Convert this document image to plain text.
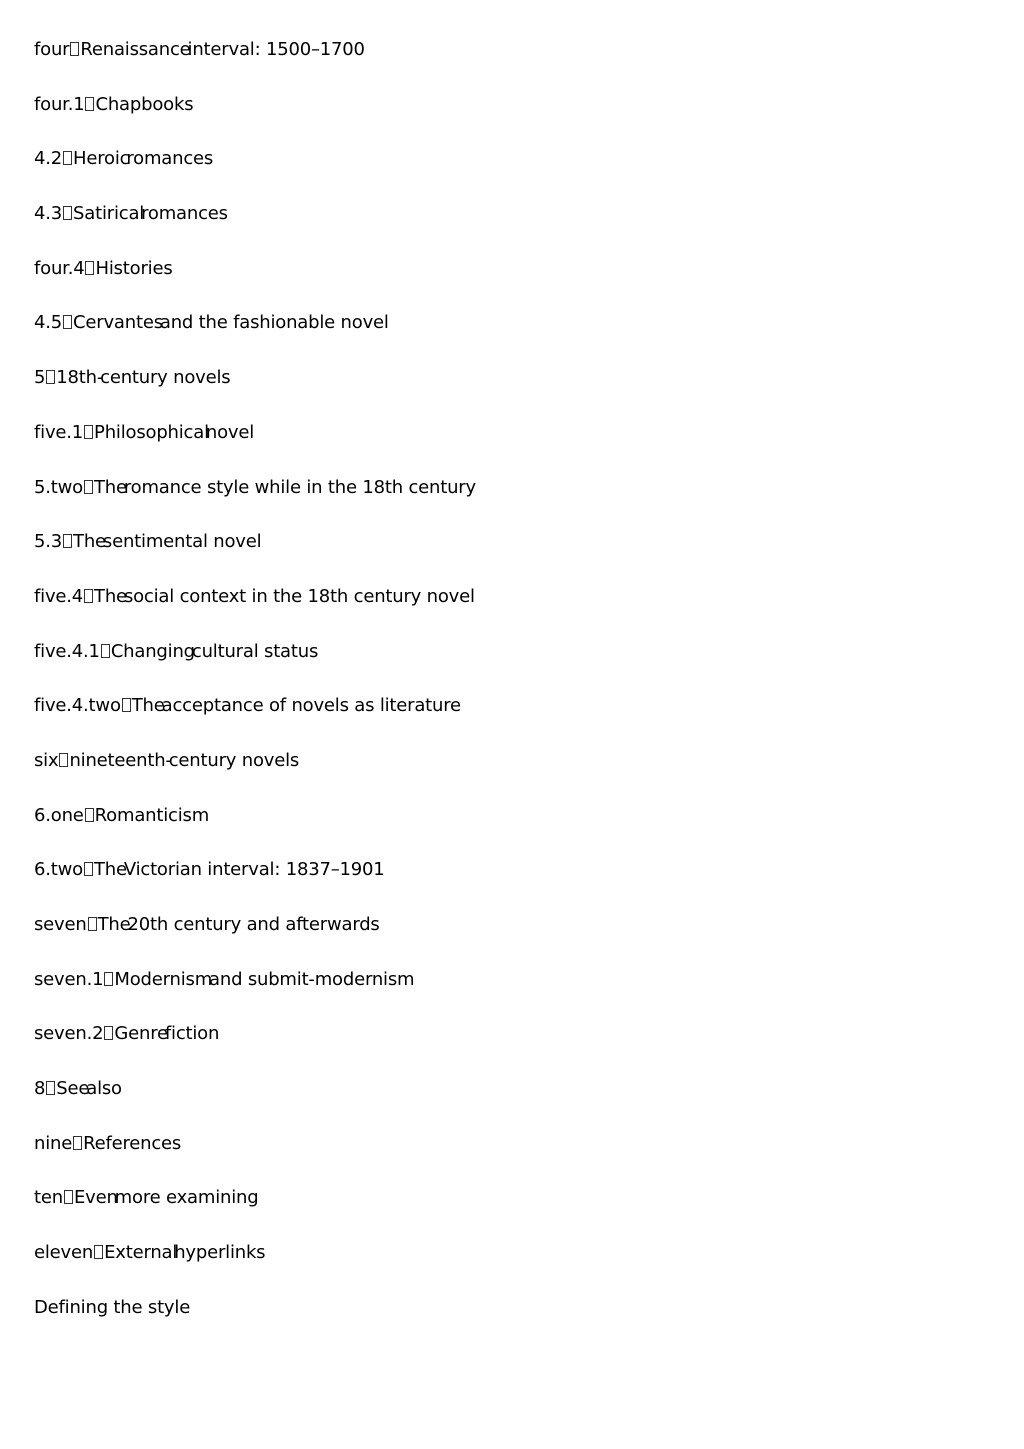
four Renaissanceinterval: 1500–1700
four.1 Chapbooks
4.2 Heroicromances
4.3 Satiricalromances
four.4 Histories
4.5 Cervantesand the fashionable novel
5 18th-century novels
five.1 Philosophicalnovel
5.two Theromance style while in the 18th century
5.3 Thesentimental novel
five.4 Thesocial context in the 18th century novel
five.4.1 Changingcultural status
five.4.two Theacceptance of novels as literature
six nineteenth-century novels
6.one Romanticism
6.two TheVictorian interval: 1837–1901
seven The20th century and afterwards
seven.1 Modernismand submit-modernism
seven.2 Genrefiction
8 Seealso
nine References
ten Evenmore examining
eleven Externalhyperlinks
Defining the style
